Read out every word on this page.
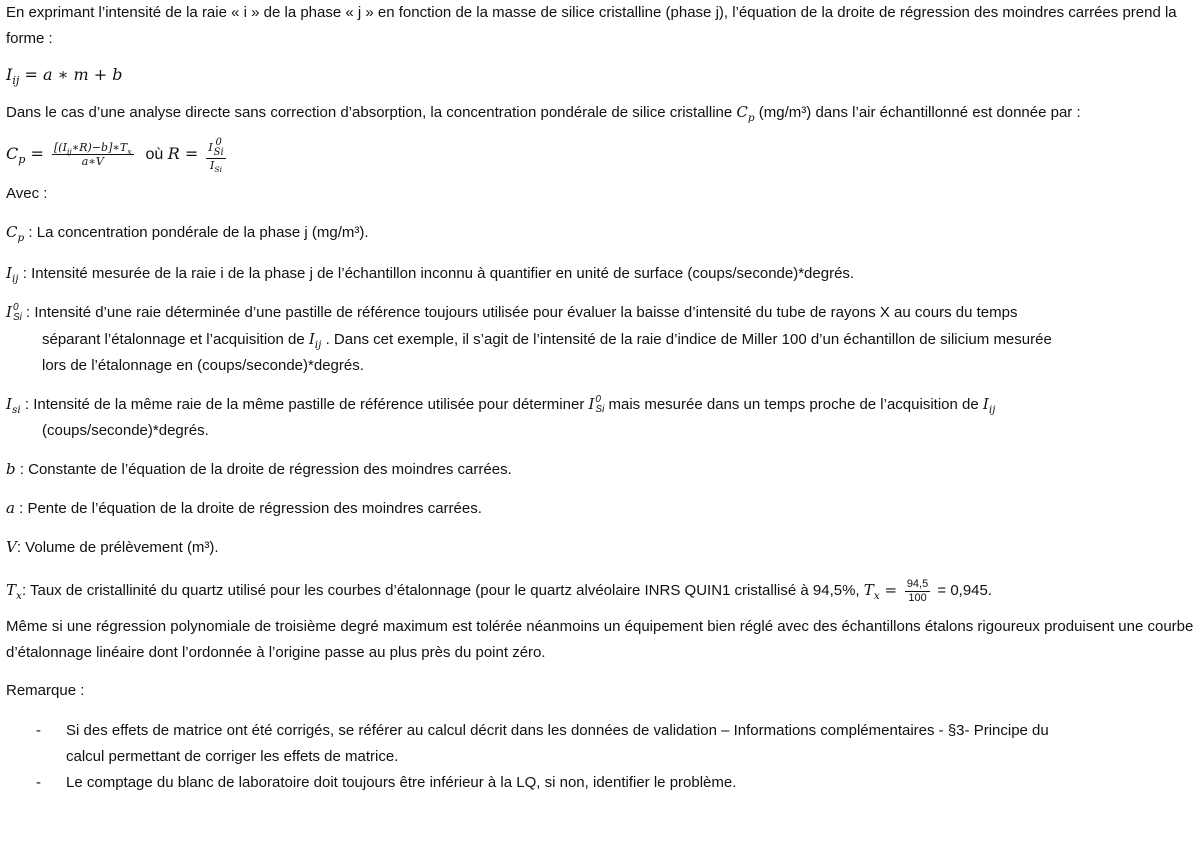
En exprimant l’intensité de la raie « i » de la phase « j » en fonction de la masse de silice cristalline (phase j), l’équation de la droite de régression des moindres carrées prend la forme :

$I_{ij} = a$ ∗ m + b

Dans le cas d’une analyse directe sans correction d’absorption, la concentration pondérale de silice cristalline $C_p$ (mg/m³) dans l’air échantillonné est donnée par :

$C_p = \frac{[(I_{ij}∗R)-b]∗T_x}{a∗V}$ où R = I 0
Si
$I_{Si}$

Avec :

$C_p$ : La concentration pondérale de la phase j (mg/m³).

$I_{ij}$ : Intensité mesurée de la raie i de la phase j de l’échantillon inconnu à quantifier en unité de surface (coups/seconde)*degrés.

I 0
Si : Intensité d’une raie déterminée d’une pastille de référence toujours utilisée pour évaluer la baisse d’intensité du tube de rayons X au cours du temps

séparant l’étalonnage et l’acquisition de $I_{ij}$ . Dans cet exemple, il s’agit de l’intensité de la raie d’indice de Miller 100 d’un échantillon de silicium mesurée

lors de l’étalonnage en (coups/seconde)*degrés.

$I_{si}$ : Intensité de la même raie de la même pastille de référence utilisée pour déterminer I 0
Si mais mesurée dans un temps proche de l’acquisition de $I_{ij}$

(coups/seconde)*degrés.

b : Constante de l’équation de la droite de régression des moindres carrées.

a : Pente de l’équation de la droite de régression des moindres carrées.

V: Volume de prélèvement (m³).

$T_x$: Taux de cristallinité du quartz utilisé pour les courbes d’étalonnage (pour le quartz alvéolaire INRS QUIN1 cristallisé à 94,5%, $T_x = \frac{94,5}{100} = 0,945$.

Même si une régression polynomiale de troisième degré maximum est tolérée néanmoins un équipement bien réglé avec des échantillons étalons rigoureux produisent une courbe d’étalonnage linéaire dont l’ordonnée à l’origine passe au plus près du point zéro.

Remarque :

- Si des effets de matrice ont été corrigés, se référer au calcul décrit dans les données de validation – Informations complémentaires - §3- Principe du
calcul permettant de corriger les effets de matrice.
- Le comptage du blanc de laboratoire doit toujours être inférieur à la LQ, si non, identifier le problème.
